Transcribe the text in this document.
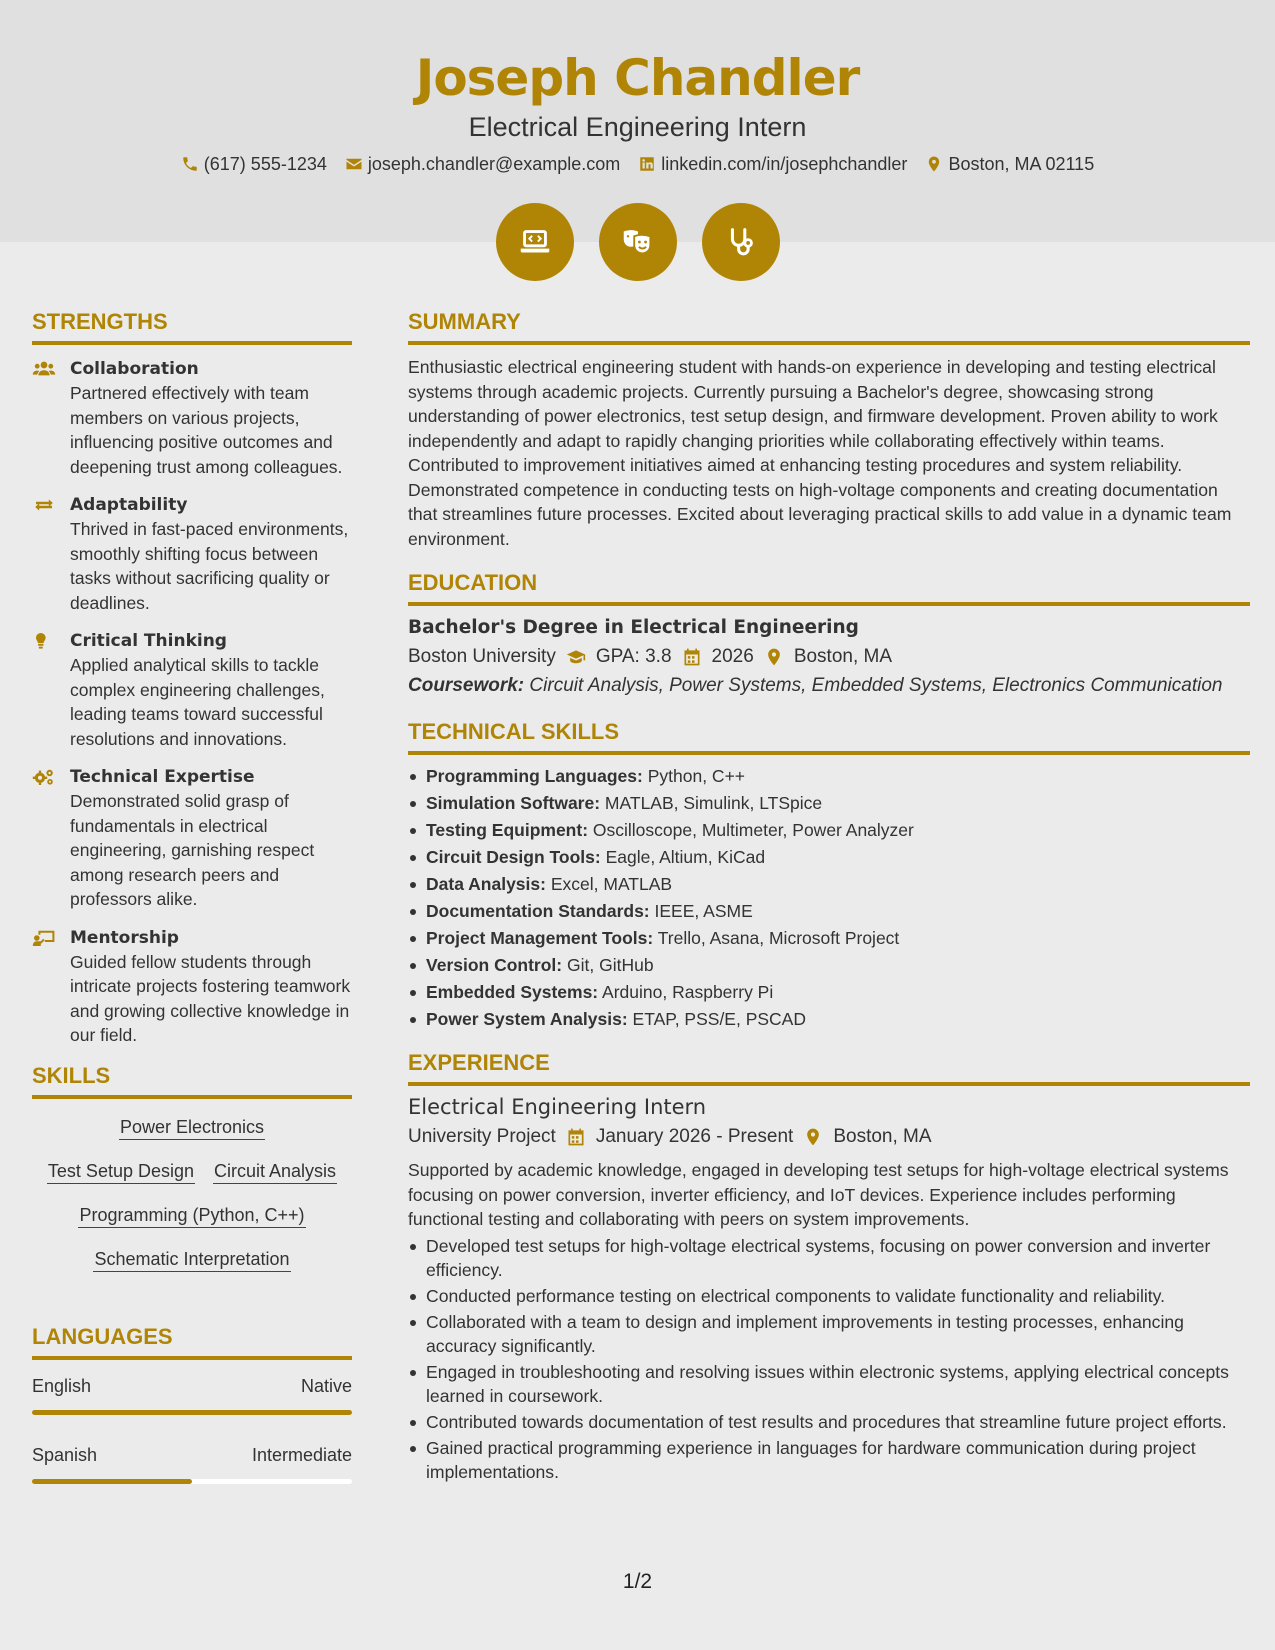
Joseph Chandler
Electrical Engineering Intern
(617) 555-1234 joseph.chandler@example.com linkedin.com/in/josephchandler Boston, MA 02115
STRENGTHS
Collaboration
Partnered effectively with team members on various projects, influencing positive outcomes and deepening trust among colleagues.
Adaptability
Thrived in fast-paced environments, smoothly shifting focus between tasks without sacrificing quality or deadlines.
Critical Thinking
Applied analytical skills to tackle complex engineering challenges, leading teams toward successful resolutions and innovations.
Technical Expertise
Demonstrated solid grasp of fundamentals in electrical engineering, garnishing respect among research peers and professors alike.
Mentorship
Guided fellow students through intricate projects fostering teamwork and growing collective knowledge in our field.
SKILLS
Power Electronics
Test Setup Design Circuit Analysis
Programming (Python, C++)
Schematic Interpretation
LANGUAGES
English	Native
Spanish	Intermediate
SUMMARY
Enthusiastic electrical engineering student with hands-on experience in developing and testing electrical systems through academic projects. Currently pursuing a Bachelor's degree, showcasing strong understanding of power electronics, test setup design, and firmware development. Proven ability to work independently and adapt to rapidly changing priorities while collaborating effectively within teams. Contributed to improvement initiatives aimed at enhancing testing procedures and system reliability. Demonstrated competence in conducting tests on high-voltage components and creating documentation that streamlines future processes. Excited about leveraging practical skills to add value in a dynamic team environment.
EDUCATION
Bachelor's Degree in Electrical Engineering
Boston University GPA: 3.8 2026 Boston, MA
Coursework: Circuit Analysis, Power Systems, Embedded Systems, Electronics Communication
TECHNICAL SKILLS
Programming Languages: Python, C++
Simulation Software: MATLAB, Simulink, LTSpice
Testing Equipment: Oscilloscope, Multimeter, Power Analyzer
Circuit Design Tools: Eagle, Altium, KiCad
Data Analysis: Excel, MATLAB
Documentation Standards: IEEE, ASME
Project Management Tools: Trello, Asana, Microsoft Project
Version Control: Git, GitHub
Embedded Systems: Arduino, Raspberry Pi
Power System Analysis: ETAP, PSS/E, PSCAD
EXPERIENCE
Electrical Engineering Intern
University Project January 2026 - Present Boston, MA
Supported by academic knowledge, engaged in developing test setups for high-voltage electrical systems focusing on power conversion, inverter efficiency, and IoT devices. Experience includes performing functional testing and collaborating with peers on system improvements.
Developed test setups for high-voltage electrical systems, focusing on power conversion and inverter efficiency.
Conducted performance testing on electrical components to validate functionality and reliability.
Collaborated with a team to design and implement improvements in testing processes, enhancing accuracy significantly.
Engaged in troubleshooting and resolving issues within electronic systems, applying electrical concepts learned in coursework.
Contributed towards documentation of test results and procedures that streamline future project efforts.
Gained practical programming experience in languages for hardware communication during project implementations.
1/2
